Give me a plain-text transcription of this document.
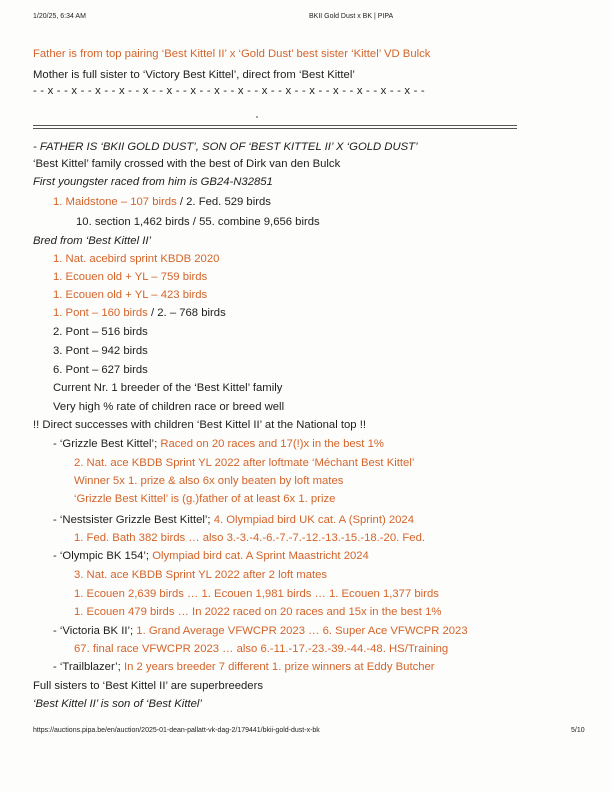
1/20/25, 6:34 AM	BKII Gold Dust x BK | PIPA
Father is from top pairing ‘Best Kittel II’ x ‘Gold Dust’ best sister ‘Kittel’ VD Bulck
Mother is full sister to ‘Victory Best Kittel’, direct from ‘Best Kittel’
- - x - - x - - x - - x - - x - - x - - x - - x - - x - - x - - x - - x - - x - - x - - x - - x - -
- FATHER IS ‘BKII GOLD DUST’, SON OF ‘BEST KITTEL II’ X ‘GOLD DUST’
‘Best Kittel’ family crossed with the best of Dirk van den Bulck
First youngster raced from him is GB24-N32851
1. Maidstone – 107 birds / 2. Fed. 529 birds
10. section 1,462 birds / 55. combine 9,656 birds
Bred from ‘Best Kittel II’
1. Nat. acebird sprint KBDB 2020
1. Ecouen old + YL – 759 birds
1. Ecouen old + YL – 423 birds
1. Pont – 160 birds / 2. – 768 birds
2. Pont – 516 birds
3. Pont – 942 birds
6. Pont – 627 birds
Current Nr. 1 breeder of the ‘Best Kittel’ family
Very high % rate of children race or breed well
!! Direct successes with children ‘Best Kittel II’ at the National top !!
- ‘Grizzle Best Kittel’; Raced on 20 races and 17(!)x in the best 1%
2. Nat. ace KBDB Sprint YL 2022 after loftmate ‘Méchant Best Kittel’
Winner 5x 1. prize & also 6x only beaten by loft mates
‘Grizzle Best Kittel’ is (g.)father of at least 6x 1. prize
- ‘Nestsister Grizzle Best Kittel’; 4. Olympiad bird UK cat. A (Sprint) 2024
1. Fed. Bath 382 birds … also 3.-3.-4.-6.-7.-7.-12.-13.-15.-18.-20. Fed.
- ‘Olympic BK 154’; Olympiad bird cat. A Sprint Maastricht 2024
3. Nat. ace KBDB Sprint YL 2022 after 2 loft mates
1. Ecouen 2,639 birds … 1. Ecouen 1,981 birds … 1. Ecouen 1,377 birds
1. Ecouen 479 birds … In 2022 raced on 20 races and 15x in the best 1%
- ‘Victoria BK II’; 1. Grand Average VFWCPR 2023 … 6. Super Ace VFWCPR 2023
67. final race VFWCPR 2023 … also 6.-11.-17.-23.-39.-44.-48. HS/Training
- ‘Trailblazer’; In 2 years breeder 7 different 1. prize winners at Eddy Butcher
Full sisters to ‘Best Kittel II’ are superbreeders
‘Best Kittel II’ is son of ‘Best Kittel’
https://auctions.pipa.be/en/auction/2025-01-dean-pallatt-vk-dag-2/179441/bkii-gold-dust-x-bk	5/10
